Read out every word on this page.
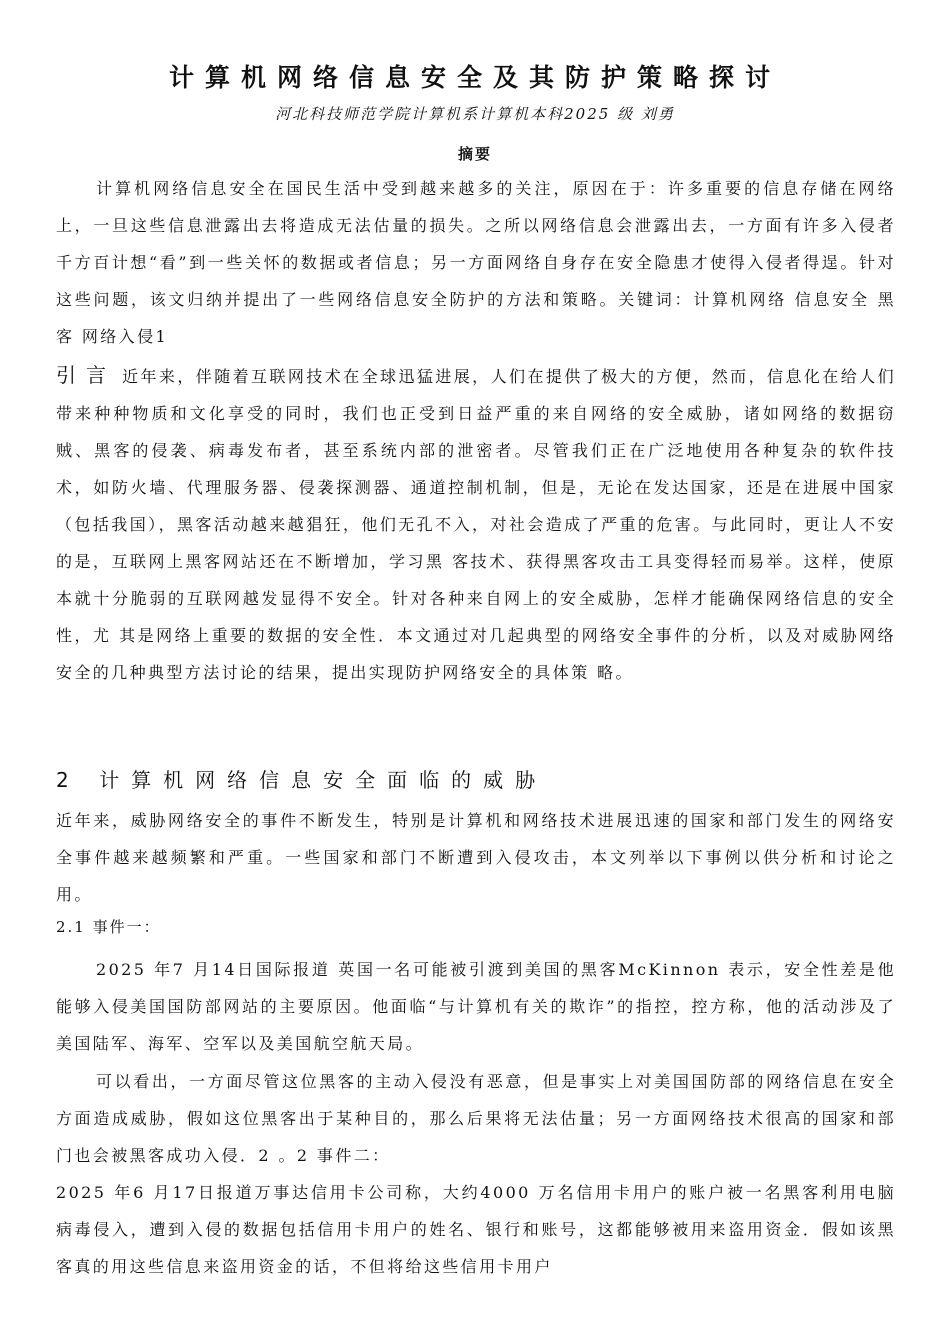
计算机网络信息安全及其防护策略探讨
河北科技师范学院计算机系计算机本科2025 级 刘勇
摘要

计算机网络信息安全在国民生活中受到越来越多的关注，原因在于：许多重要的信息存储在网络上，一旦这些信息泄露出去将造成无法估量的损失。之所以网络信息会泄露出去，一方面有许多入侵者 千方百计想“看”到一些关怀的数据或者信息；另一方面网络自身存在安全隐患才使得入侵者得逞。针对这些问题，该文归纳并提出了一些网络信息安全防护的方法和策略。关键词：计算机网络 信息安全 黑客 网络入侵1

引言 近年来，伴随着互联网技术在全球迅猛进展，人们在提供了极大的方便，然而，信息化在给人们带来种种物质和文化享受的同时，我们也正受到日益严重的来自网络的安全威胁，诸如网络的数据窃贼、黑客的侵袭、病毒发布者，甚至系统内部的泄密者。尽管我们正在广泛地使用各种复杂的软件技术，如防火墙、代理服务器、侵袭探测器、通道控制机制，但是，无论在发达国家，还是在进展中国家（包括我国），黑客活动越来越猖狂，他们无孔不入，对社会造成了严重的危害。与此同时，更让人不安的是，互联网上黑客网站还在不断增加，学习黑 客技术、获得黑客攻击工具变得轻而易举。这样，使原本就十分脆弱的互联网越发显得不安全。针对各种来自网上的安全威胁，怎样才能确保网络信息的安全性，尤 其是网络上重要的数据的安全性．本文通过对几起典型的网络安全事件的分析，以及对威胁网络安全的几种典型方法讨论的结果，提出实现防护网络安全的具体策 略。

2 计算机网络信息安全面临的威胁

近年来，威胁网络安全的事件不断发生，特别是计算机和网络技术进展迅速的国家和部门发生的网络安全事件越来越频繁和严重。一些国家和部门不断遭到入侵攻击，本文列举以下事例以供分析和讨论之用。

2.1 事件一：

2025 年7 月14日国际报道 英国一名可能被引渡到美国的黑客McKinnon 表示，安全性差是他能够入侵美国国防部网站的主要原因。他面临“与计算机有关的欺诈”的指控，控方称，他的活动涉及了美国陆军、海军、空军以及美国航空航天局。

可以看出，一方面尽管这位黑客的主动入侵没有恶意，但是事实上对美国国防部的网络信息在安全方面造成威胁，假如这位黑客出于某种目的，那么后果将无法估量；另一方面网络技术很高的国家和部门也会被黑客成功入侵．2 。2 事件二：

2025 年6 月17日报道万事达信用卡公司称，大约4000 万名信用卡用户的账户被一名黑客利用电脑病毒侵入，遭到入侵的数据包括信用卡用户的姓名、银行和账号，这都能够被用来盗用资金．假如该黑客真的用这些信息来盗用资金的话，不但将给这些信用卡用户
